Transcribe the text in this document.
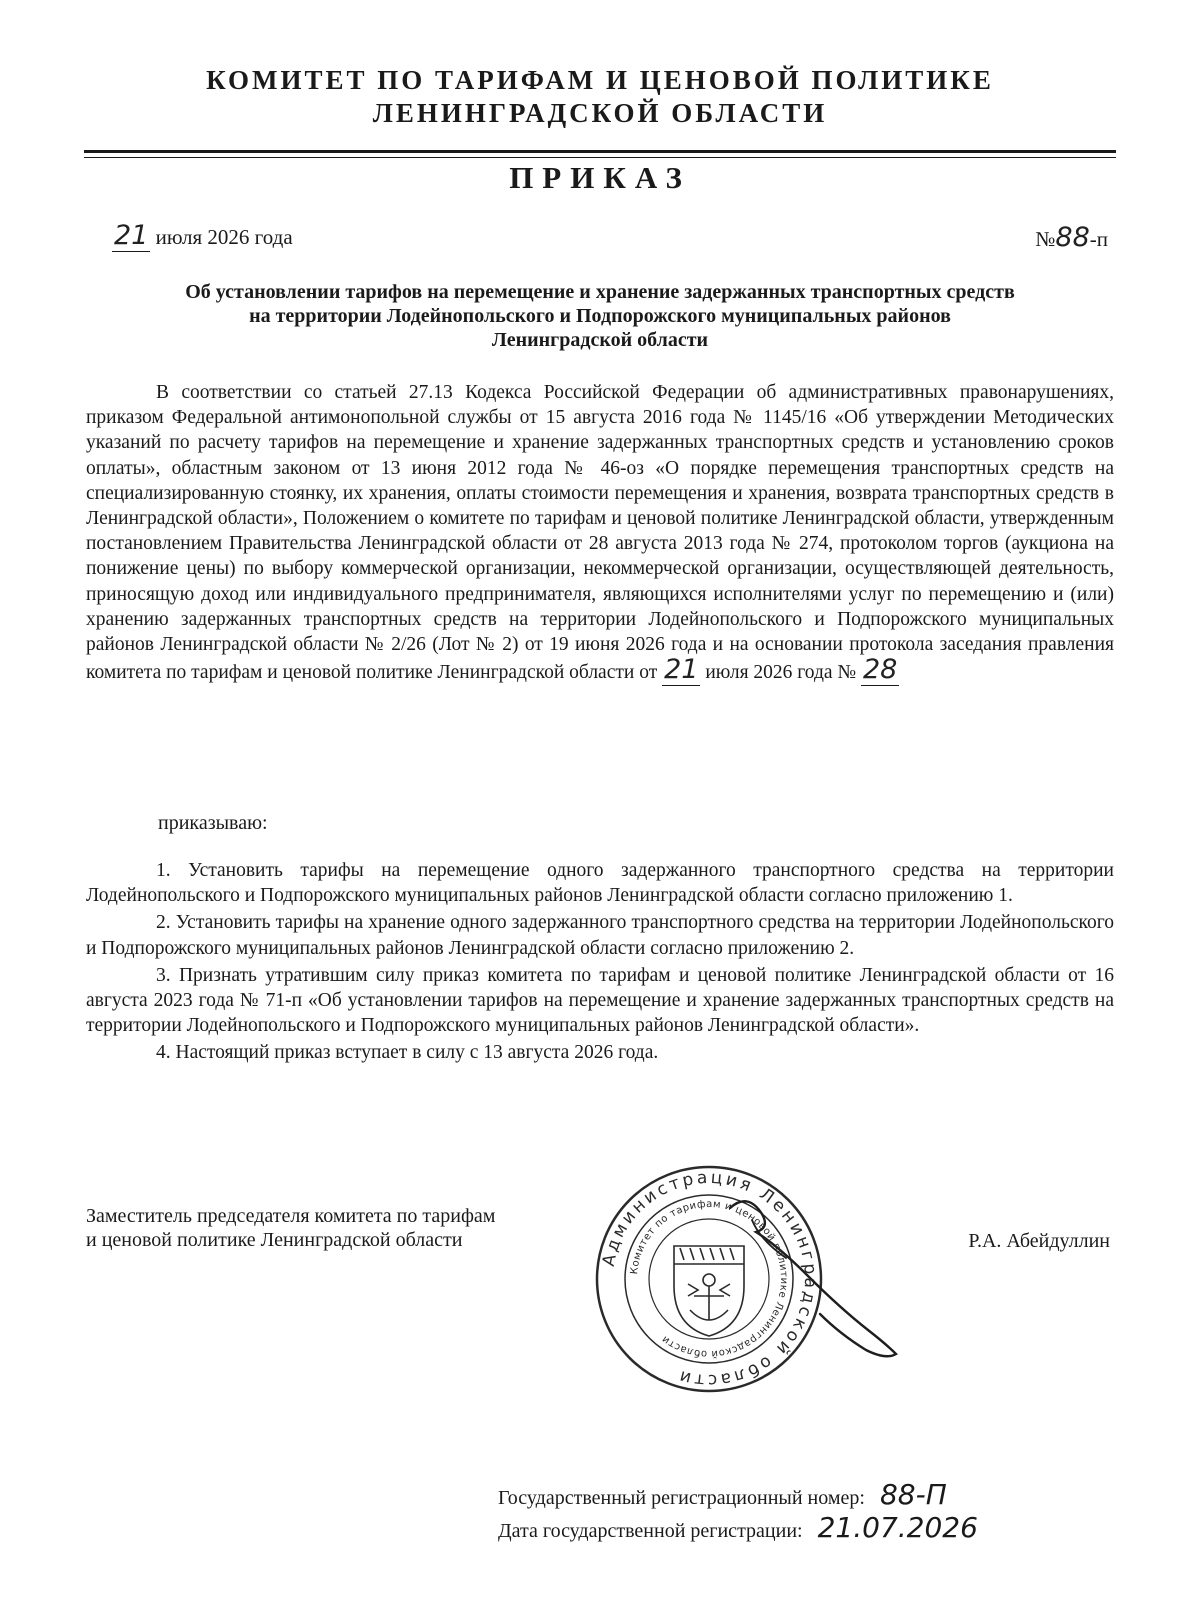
КОМИТЕТ ПО ТАРИФАМ И ЦЕНОВОЙ ПОЛИТИКЕ
ЛЕНИНГРАДСКОЙ ОБЛАСТИ
ПРИКАЗ
21 июля 2026 года	№88-п
Об установлении тарифов на перемещение и хранение задержанных транспортных средств
на территории Лодейнопольского и Подпорожского муниципальных районов
Ленинградской области
В соответствии со статьей 27.13 Кодекса Российской Федерации об административных правонарушениях, приказом Федеральной антимонопольной службы от 15 августа 2016 года № 1145/16 «Об утверждении Методических указаний по расчету тарифов на перемещение и хранение задержанных транспортных средств и установлению сроков оплаты», областным законом от 13 июня 2012 года № 46-оз «О порядке перемещения транспортных средств на специализированную стоянку, их хранения, оплаты стоимости перемещения и хранения, возврата транспортных средств в Ленинградской области», Положением о комитете по тарифам и ценовой политике Ленинградской области, утвержденным постановлением Правительства Ленинградской области от 28 августа 2013 года № 274, протоколом торгов (аукциона на понижение цены) по выбору коммерческой организации, некоммерческой организации, осуществляющей деятельность, приносящую доход или индивидуального предпринимателя, являющихся исполнителями услуг по перемещению и (или) хранению задержанных транспортных средств на территории Лодейнопольского и Подпорожского муниципальных районов Ленинградской области № 2/26 (Лот № 2) от 19 июня 2026 года и на основании протокола заседания правления комитета по тарифам и ценовой политике Ленинградской области от 21 июля 2026 года № 28
приказываю:

1. Установить тарифы на перемещение одного задержанного транспортного средства на территории Лодейнопольского и Подпорожского муниципальных районов Ленинградской области согласно приложению 1.

2. Установить тарифы на хранение одного задержанного транспортного средства на территории Лодейнопольского и Подпорожского муниципальных районов Ленинградской области согласно приложению 2.

3. Признать утратившим силу приказ комитета по тарифам и ценовой политике Ленинградской области от 16 августа 2023 года № 71-п «Об установлении тарифов на перемещение и хранение задержанных транспортных средств на территории Лодейнопольского и Подпорожского муниципальных районов Ленинградской области».

4. Настоящий приказ вступает в силу с 13 августа 2026 года.

Заместитель председателя комитета по тарифам
и ценовой политике Ленинградской области	Р.А. Абейдуллин
Администрация Ленинградской области
Комитет по тарифам и ценовой политике Ленинградской области
Государственный регистрационный номер: 88-П
Дата государственной регистрации: 21.07.2026
